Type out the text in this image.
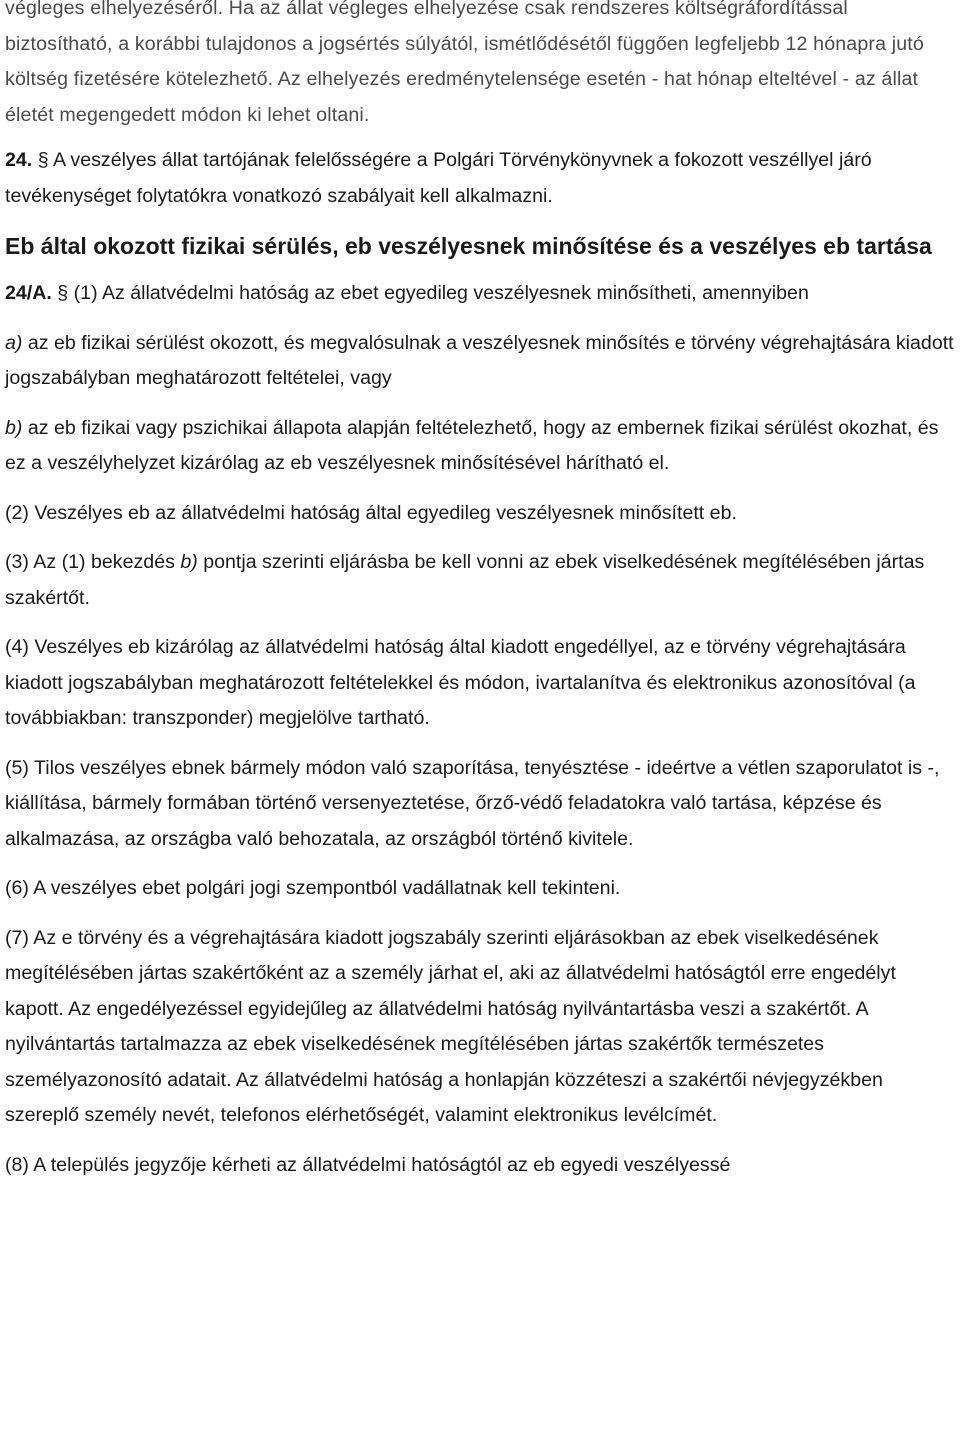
végleges elhelyezéséről. Ha az állat végleges elhelyezése csak rendszeres költségráfordítással biztosítható, a korábbi tulajdonos a jogsértés súlyától, ismétlődésétől függően legfeljebb 12 hónapra jutó költség fizetésére kötelezhető. Az elhelyezés eredménytelensége esetén - hat hónap elteltével - az állat életét megengedett módon ki lehet oltani.

24. § A veszélyes állat tartójának felelősségére a Polgári Törvénykönyvnek a fokozott veszéllyel járó tevékenységet folytatókra vonatkozó szabályait kell alkalmazni.

Eb által okozott fizikai sérülés, eb veszélyesnek minősítése és a veszélyes eb tartása

24/A. § (1) Az állatvédelmi hatóság az ebet egyedileg veszélyesnek minősítheti, amennyiben

a) az eb fizikai sérülést okozott, és megvalósulnak a veszélyesnek minősítés e törvény végrehajtására kiadott jogszabályban meghatározott feltételei, vagy

b) az eb fizikai vagy pszichikai állapota alapján feltételezhető, hogy az embernek fizikai sérülést okozhat, és ez a veszélyhelyzet kizárólag az eb veszélyesnek minősítésével hárítható el.

(2) Veszélyes eb az állatvédelmi hatóság által egyedileg veszélyesnek minősített eb.

(3) Az (1) bekezdés b) pontja szerinti eljárásba be kell vonni az ebek viselkedésének megítélésében jártas szakértőt.

(4) Veszélyes eb kizárólag az állatvédelmi hatóság által kiadott engedéllyel, az e törvény végrehajtására kiadott jogszabályban meghatározott feltételekkel és módon, ivartalanítva és elektronikus azonosítóval (a továbbiakban: transzponder) megjelölve tartható.

(5) Tilos veszélyes ebnek bármely módon való szaporítása, tenyésztése - ideértve a vétlen szaporulatot is -, kiállítása, bármely formában történő versenyeztetése, őrző-védő feladatokra való tartása, képzése és alkalmazása, az országba való behozatala, az országból történő kivitele.

(6) A veszélyes ebet polgári jogi szempontból vadállatnak kell tekinteni.

(7) Az e törvény és a végrehajtására kiadott jogszabály szerinti eljárásokban az ebek viselkedésének megítélésében jártas szakértőként az a személy járhat el, aki az állatvédelmi hatóságtól erre engedélyt kapott. Az engedélyezéssel egyidejűleg az állatvédelmi hatóság nyilvántartásba veszi a szakértőt. A nyilvántartás tartalmazza az ebek viselkedésének megítélésében jártas szakértők természetes személyazonosító adatait. Az állatvédelmi hatóság a honlapján közzéteszi a szakértői névjegyzékben szereplő személy nevét, telefonos elérhetőségét, valamint elektronikus levélcímét.

(8) A település jegyzője kérheti az állatvédelmi hatóságtól az eb egyedi veszélyessé
